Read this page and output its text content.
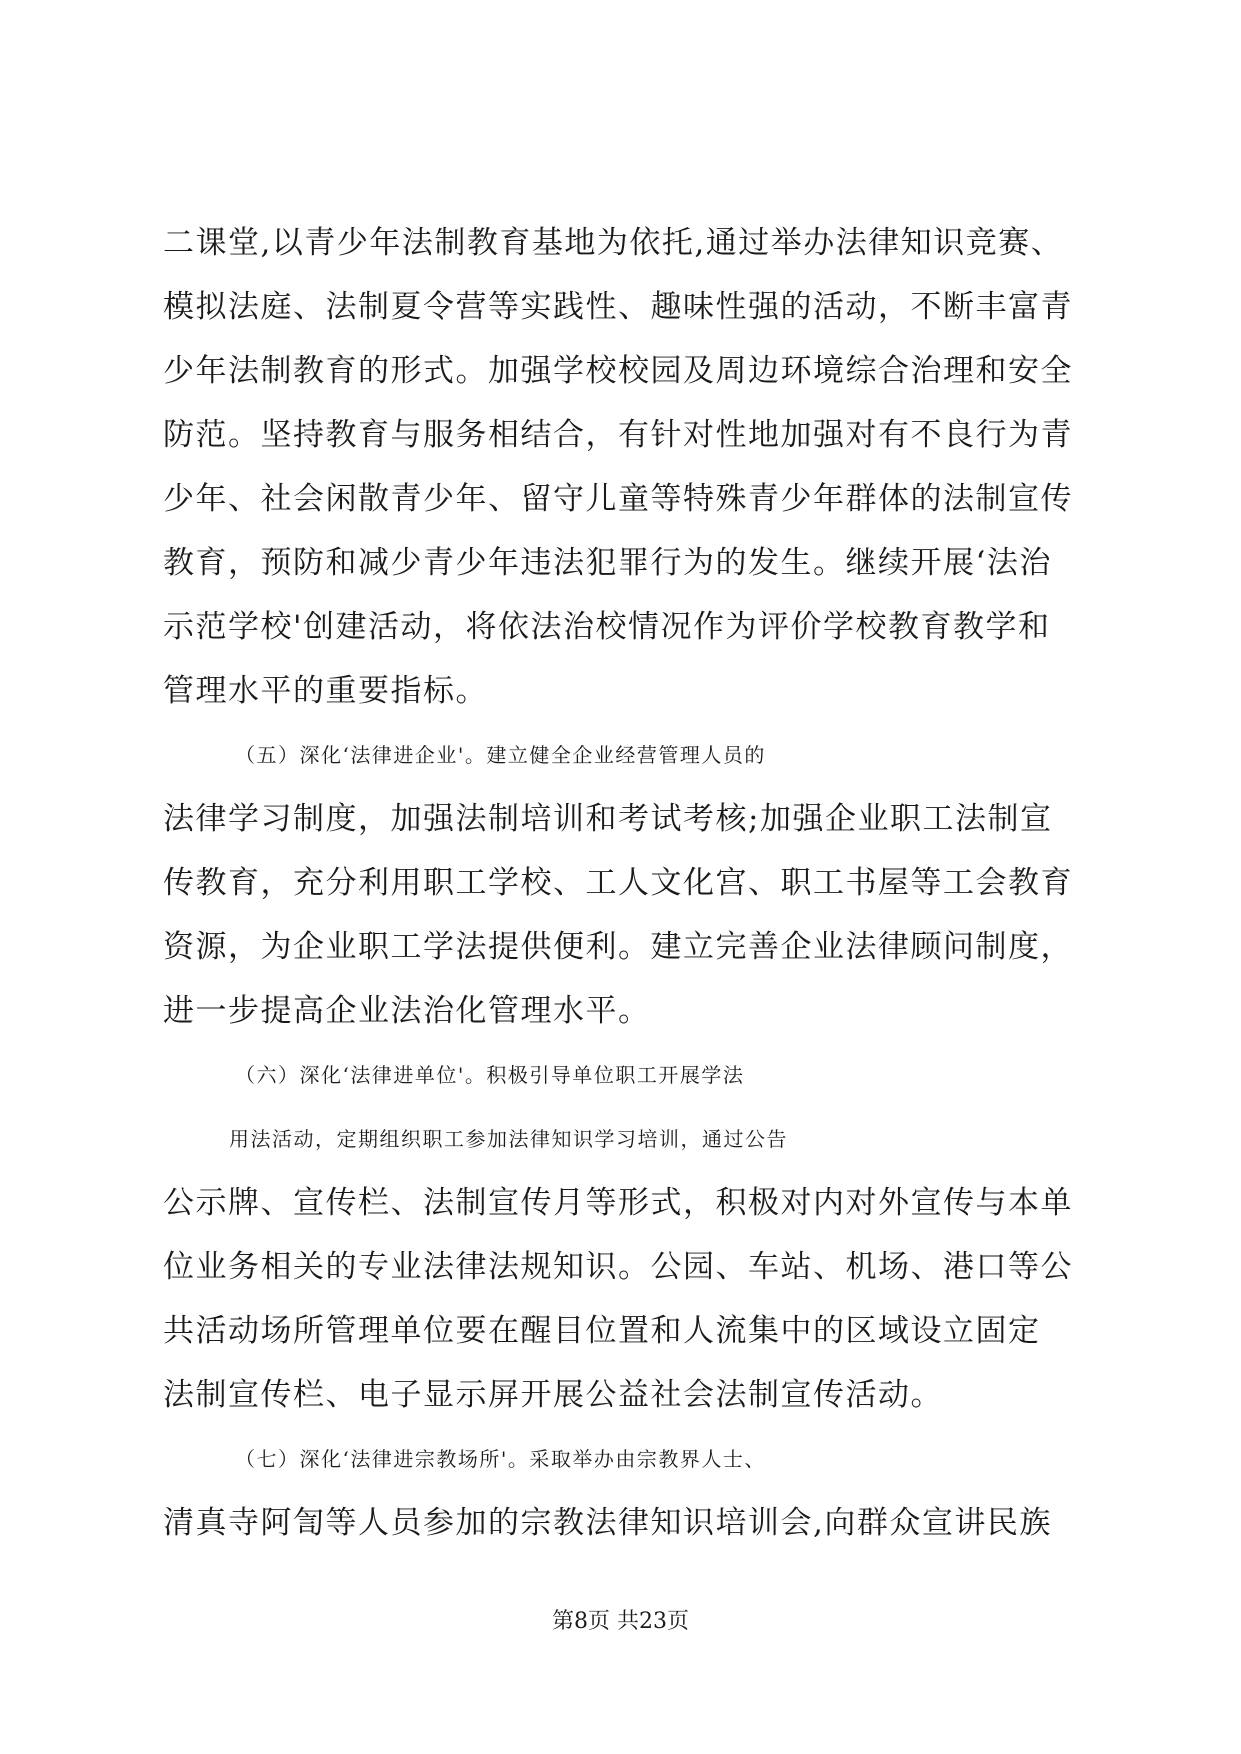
二课堂,以青少年法制教育基地为依托,通过举办法律知识竞赛、
模拟法庭、法制夏令营等实践性、趣味性强的活动，不断丰富青
少年法制教育的形式。加强学校校园及周边环境综合治理和安全
防范。坚持教育与服务相结合，有针对性地加强对有不良行为青
少年、社会闲散青少年、留守儿童等特殊青少年群体的法制宣传
教育，预防和减少青少年违法犯罪行为的发生。继续开展‘法治
示范学校'创建活动，将依法治校情况作为评价学校教育教学和
管理水平的重要指标。
（五）深化‘法律进企业'。建立健全企业经营管理人员的
法律学习制度，加强法制培训和考试考核;加强企业职工法制宣
传教育，充分利用职工学校、工人文化宫、职工书屋等工会教育
资源，为企业职工学法提供便利。建立完善企业法律顾问制度，
进一步提高企业法治化管理水平。
（六）深化‘法律进单位'。积极引导单位职工开展学法
用法活动，定期组织职工参加法律知识学习培训，通过公告
公示牌、宣传栏、法制宣传月等形式，积极对内对外宣传与本单
位业务相关的专业法律法规知识。公园、车站、机场、港口等公
共活动场所管理单位要在醒目位置和人流集中的区域设立固定
法制宣传栏、电子显示屏开展公益社会法制宣传活动。
（七）深化‘法律进宗教场所'。采取举办由宗教界人士、
清真寺阿訇等人员参加的宗教法律知识培训会,向群众宣讲民族
第8页 共23页
